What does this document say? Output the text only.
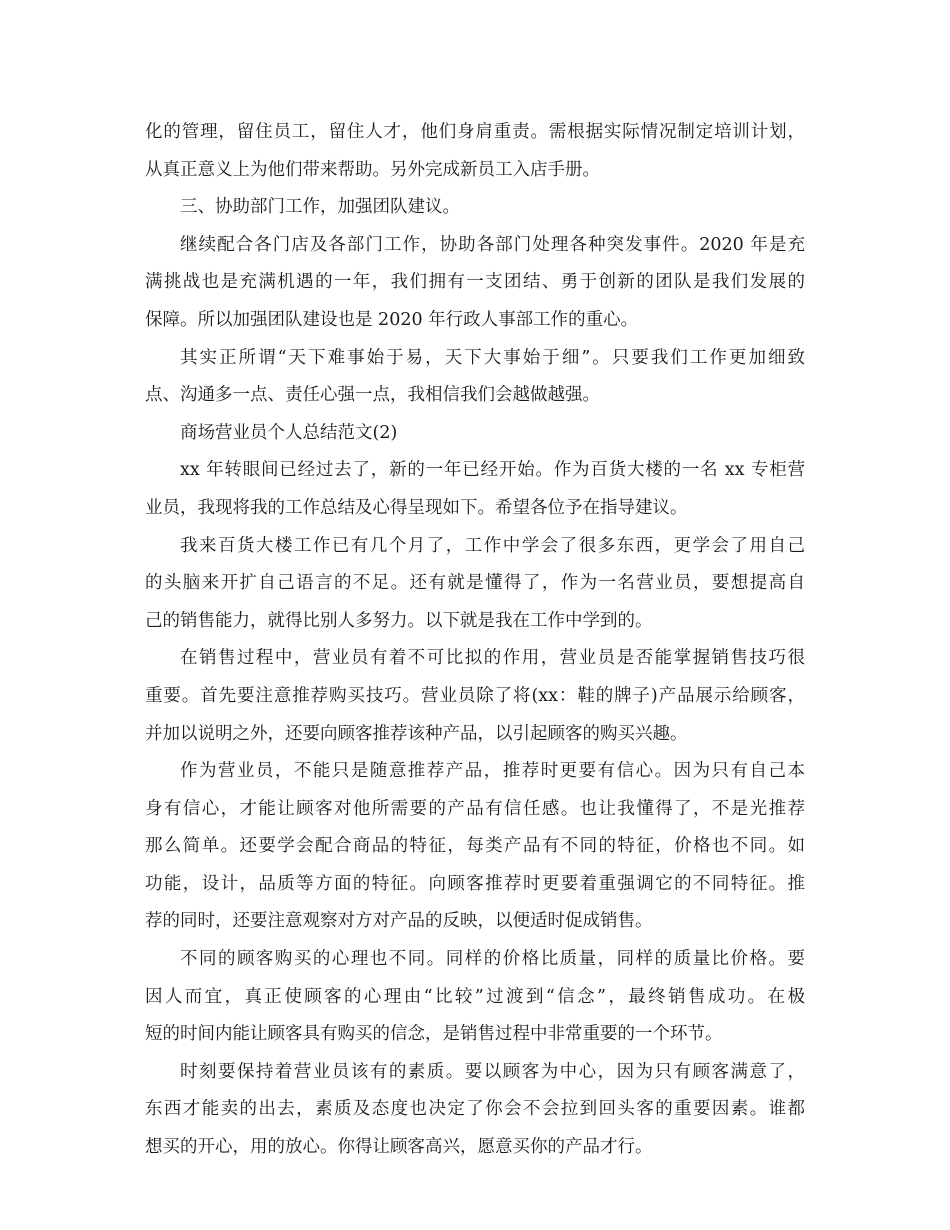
化的管理，留住员工，留住人才，他们身肩重责。需根据实际情况制定培训计划，
从真正意义上为他们带来帮助。另外完成新员工入店手册。
三、协助部门工作，加强团队建议。
继续配合各门店及各部门工作，协助各部门处理各种突发事件。2020 年是充
满挑战也是充满机遇的一年，我们拥有一支团结、勇于创新的团队是我们发展的
保障。所以加强团队建设也是 2020 年行政人事部工作的重心。
其实正所谓“天下难事始于易，天下大事始于细”。只要我们工作更加细致
点、沟通多一点、责任心强一点，我相信我们会越做越强。
商场营业员个人总结范文(2)
xx 年转眼间已经过去了，新的一年已经开始。作为百货大楼的一名 xx 专柜营
业员，我现将我的工作总结及心得呈现如下。希望各位予在指导建议。
我来百货大楼工作已有几个月了，工作中学会了很多东西，更学会了用自己
的头脑来开扩自己语言的不足。还有就是懂得了，作为一名营业员，要想提高自
己的销售能力，就得比别人多努力。以下就是我在工作中学到的。
在销售过程中，营业员有着不可比拟的作用，营业员是否能掌握销售技巧很
重要。首先要注意推荐购买技巧。营业员除了将(xx：鞋的牌子)产品展示给顾客，
并加以说明之外，还要向顾客推荐该种产品，以引起顾客的购买兴趣。
作为营业员，不能只是随意推荐产品，推荐时更要有信心。因为只有自己本
身有信心，才能让顾客对他所需要的产品有信任感。也让我懂得了，不是光推荐
那么简单。还要学会配合商品的特征，每类产品有不同的特征，价格也不同。如
功能，设计，品质等方面的特征。向顾客推荐时更要着重强调它的不同特征。推
荐的同时，还要注意观察对方对产品的反映，以便适时促成销售。
不同的顾客购买的心理也不同。同样的价格比质量，同样的质量比价格。要
因人而宜，真正使顾客的心理由“比较”过渡到“信念”，最终销售成功。在极
短的时间内能让顾客具有购买的信念，是销售过程中非常重要的一个环节。
时刻要保持着营业员该有的素质。要以顾客为中心，因为只有顾客满意了，
东西才能卖的出去，素质及态度也决定了你会不会拉到回头客的重要因素。谁都
想买的开心，用的放心。你得让顾客高兴，愿意买你的产品才行。
